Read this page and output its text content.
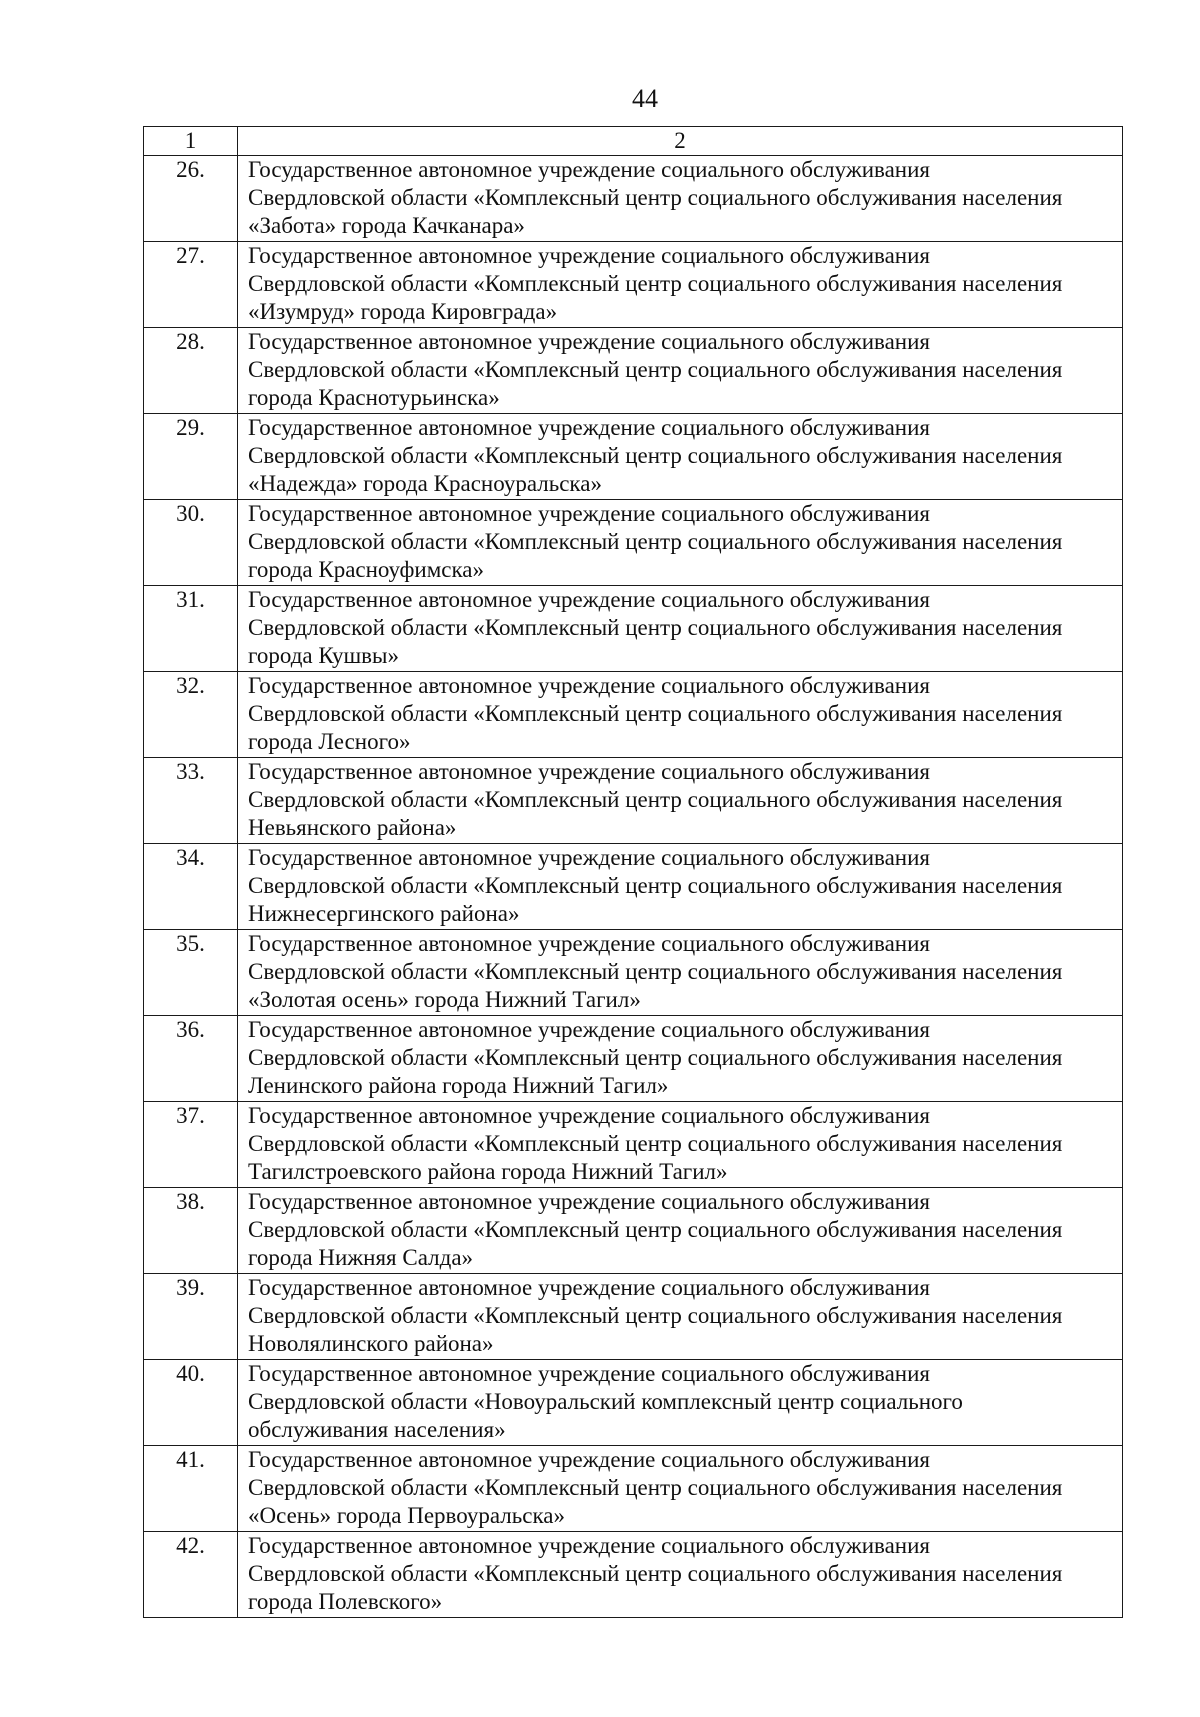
44
1	2
26.	Государственное автономное учреждение социального обслуживания
Свердловской области «Комплексный центр социального обслуживания населения
«Забота» города Качканара»

27.	Государственное автономное учреждение социального обслуживания
Свердловской области «Комплексный центр социального обслуживания населения
«Изумруд» города Кировграда»

28.	Государственное автономное учреждение социального обслуживания
Свердловской области «Комплексный центр социального обслуживания населения
города Краснотурьинска»

29.	Государственное автономное учреждение социального обслуживания
Свердловской области «Комплексный центр социального обслуживания населения
«Надежда» города Красноуральска»

30.	Государственное автономное учреждение социального обслуживания
Свердловской области «Комплексный центр социального обслуживания населения
города Красноуфимска»

31.	Государственное автономное учреждение социального обслуживания
Свердловской области «Комплексный центр социального обслуживания населения
города Кушвы»

32.	Государственное автономное учреждение социального обслуживания
Свердловской области «Комплексный центр социального обслуживания населения
города Лесного»

33.	Государственное автономное учреждение социального обслуживания
Свердловской области «Комплексный центр социального обслуживания населения
Невьянского района»

34.	Государственное автономное учреждение социального обслуживания
Свердловской области «Комплексный центр социального обслуживания населения
Нижнесергинского района»

35.	Государственное автономное учреждение социального обслуживания
Свердловской области «Комплексный центр социального обслуживания населения
«Золотая осень» города Нижний Тагил»

36.	Государственное автономное учреждение социального обслуживания
Свердловской области «Комплексный центр социального обслуживания населения
Ленинского района города Нижний Тагил»

37.	Государственное автономное учреждение социального обслуживания
Свердловской области «Комплексный центр социального обслуживания населения
Тагилстроевского района города Нижний Тагил»

38.	Государственное автономное учреждение социального обслуживания
Свердловской области «Комплексный центр социального обслуживания населения
города Нижняя Салда»

39.	Государственное автономное учреждение социального обслуживания
Свердловской области «Комплексный центр социального обслуживания населения
Новолялинского района»

40.	Государственное автономное учреждение социального обслуживания
Свердловской области «Новоуральский комплексный центр социального
обслуживания населения»

41.	Государственное автономное учреждение социального обслуживания
Свердловской области «Комплексный центр социального обслуживания населения
«Осень» города Первоуральска»

42.	Государственное автономное учреждение социального обслуживания
Свердловской области «Комплексный центр социального обслуживания населения
города Полевского»
